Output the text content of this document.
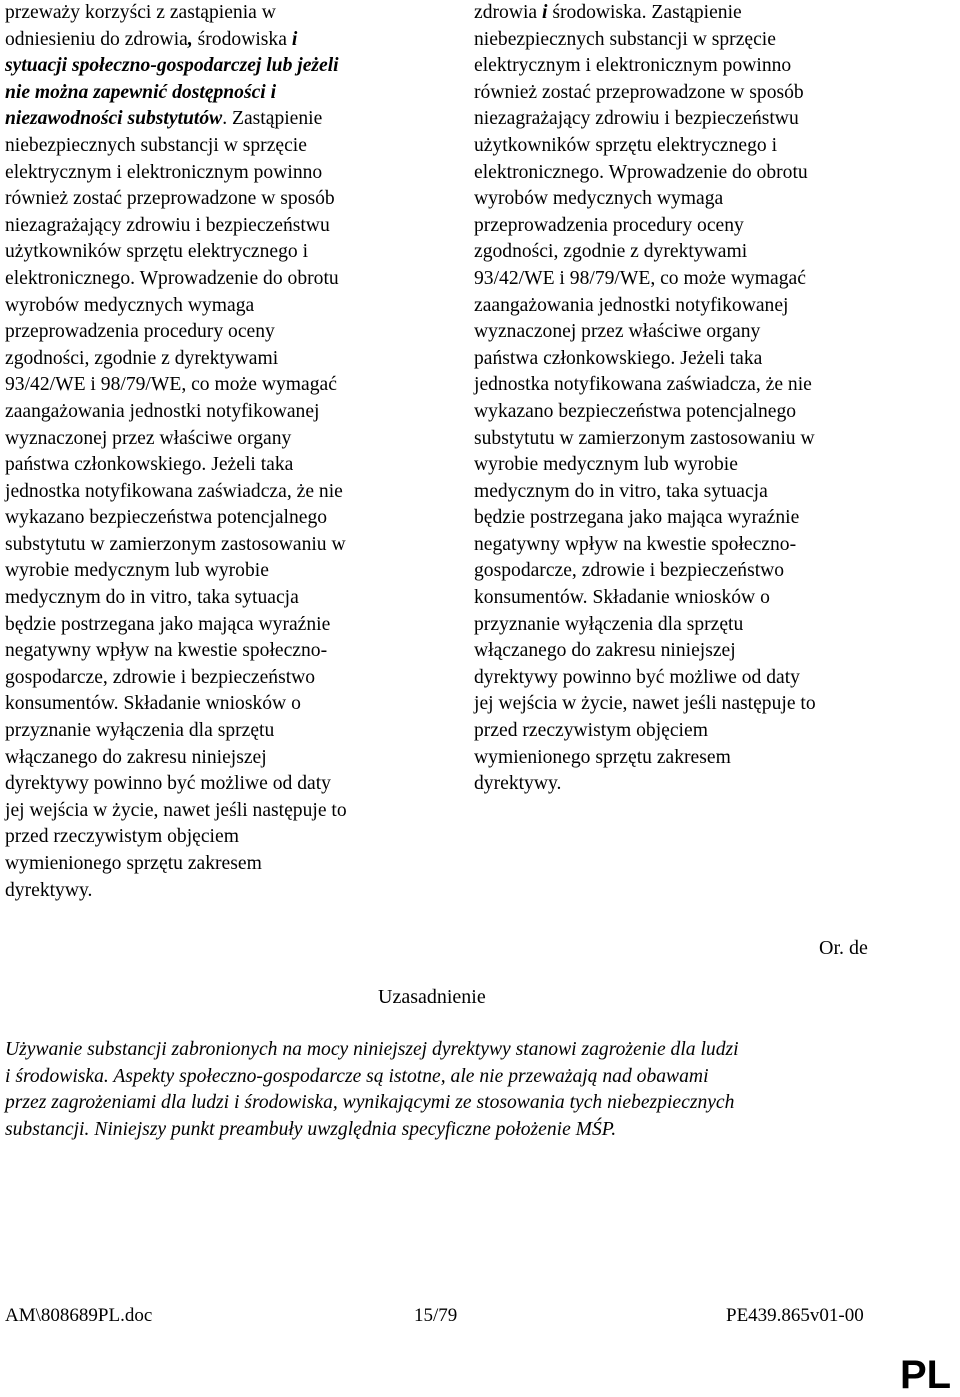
przeważy korzyści z zastąpienia w

odniesieniu do zdrowia, środowiska i

sytuacji społeczno-gospodarczej lub jeżeli

nie można zapewnić dostępności i

niezawodności substytutów. Zastąpienie

niebezpiecznych substancji w sprzęcie

elektrycznym i elektronicznym powinno

również zostać przeprowadzone w sposób

niezagrażający zdrowiu i bezpieczeństwu

użytkowników sprzętu elektrycznego i

elektronicznego. Wprowadzenie do obrotu

wyrobów medycznych wymaga

przeprowadzenia procedury oceny

zgodności, zgodnie z dyrektywami

93/42/WE i 98/79/WE, co może wymagać

zaangażowania jednostki notyfikowanej

wyznaczonej przez właściwe organy

państwa członkowskiego. Jeżeli taka

jednostka notyfikowana zaświadcza, że nie

wykazano bezpieczeństwa potencjalnego

substytutu w zamierzonym zastosowaniu w

wyrobie medycznym lub wyrobie

medycznym do in vitro, taka sytuacja

będzie postrzegana jako mająca wyraźnie

negatywny wpływ na kwestie społeczno-

gospodarcze, zdrowie i bezpieczeństwo

konsumentów. Składanie wniosków o

przyznanie wyłączenia dla sprzętu

włączanego do zakresu niniejszej

dyrektywy powinno być możliwe od daty

jej wejścia w życie, nawet jeśli następuje to

przed rzeczywistym objęciem

wymienionego sprzętu zakresem

dyrektywy.

zdrowia i środowiska. Zastąpienie

niebezpiecznych substancji w sprzęcie

elektrycznym i elektronicznym powinno

również zostać przeprowadzone w sposób

niezagrażający zdrowiu i bezpieczeństwu

użytkowników sprzętu elektrycznego i

elektronicznego. Wprowadzenie do obrotu

wyrobów medycznych wymaga

przeprowadzenia procedury oceny

zgodności, zgodnie z dyrektywami

93/42/WE i 98/79/WE, co może wymagać

zaangażowania jednostki notyfikowanej

wyznaczonej przez właściwe organy

państwa członkowskiego. Jeżeli taka

jednostka notyfikowana zaświadcza, że nie

wykazano bezpieczeństwa potencjalnego

substytutu w zamierzonym zastosowaniu w

wyrobie medycznym lub wyrobie

medycznym do in vitro, taka sytuacja

będzie postrzegana jako mająca wyraźnie

negatywny wpływ na kwestie społeczno-

gospodarcze, zdrowie i bezpieczeństwo

konsumentów. Składanie wniosków o

przyznanie wyłączenia dla sprzętu

włączanego do zakresu niniejszej

dyrektywy powinno być możliwe od daty

jej wejścia w życie, nawet jeśli następuje to

przed rzeczywistym objęciem

wymienionego sprzętu zakresem

dyrektywy.

Or. de
Uzasadnienie

Używanie substancji zabronionych na mocy niniejszej dyrektywy stanowi zagrożenie dla ludzi

i środowiska. Aspekty społeczno-gospodarcze są istotne, ale nie przeważają nad obawami

przez zagrożeniami dla ludzi i środowiska, wynikającymi ze stosowania tych niebezpiecznych

substancji. Niniejszy punkt preambuły uwzględnia specyficzne położenie MŚP.

AM\808689PL.doc	15/79	PE439.865v01-00
PL
